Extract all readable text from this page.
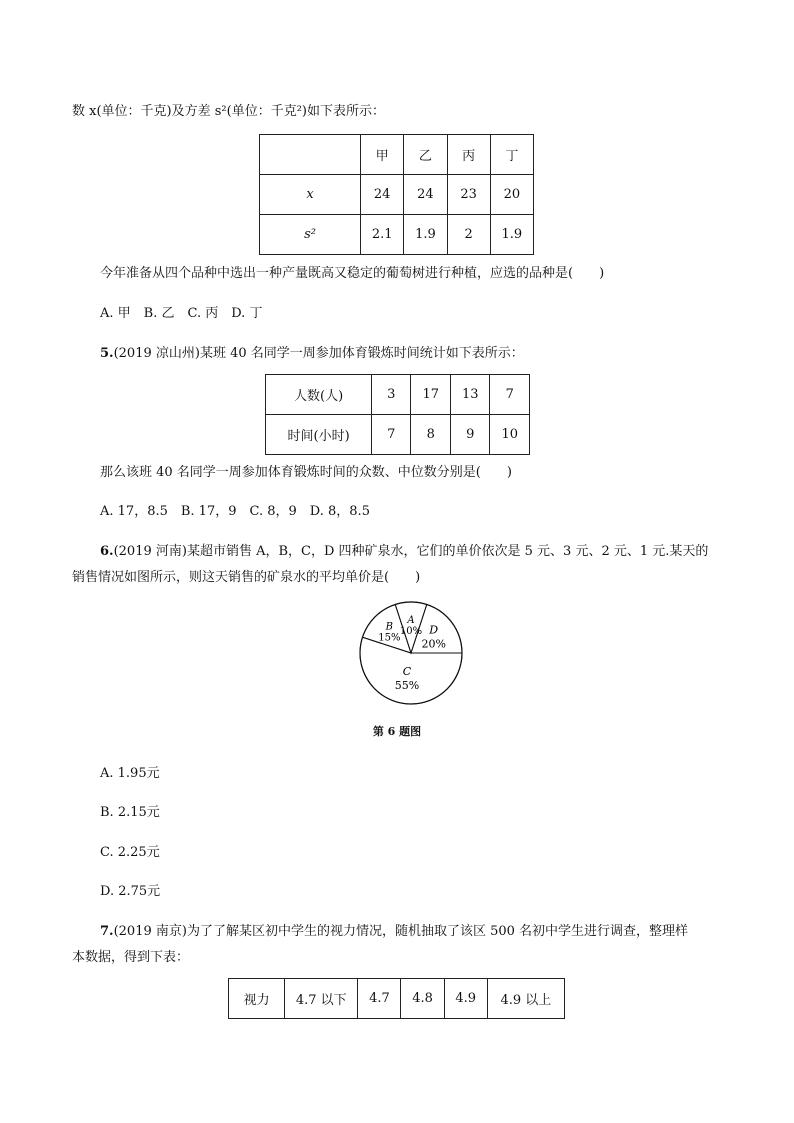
数 x(单位：千克)及方差 s²(单位：千克²)如下表所示：
	甲	乙	丙	丁
x	24	24	23	20
s²	2.1	1.9	2	1.9
今年准备从四个品种中选出一种产量既高又稳定的葡萄树进行种植，应选的品种是(　　)
A. 甲　B. 乙　C. 丙　D. 丁
5.(2019 凉山州)某班 40 名同学一周参加体育锻炼时间统计如下表所示：
人数(人)	3	17	13	7
时间(小时)	7	8	9	10
那么该班 40 名同学一周参加体育锻炼时间的众数、中位数分别是(　　)
A. 17，8.5　B. 17，9　C. 8，9　D. 8，8.5
6.(2019 河南)某超市销售 A，B，C，D 四种矿泉水，它们的单价依次是 5 元、3 元、2 元、1 元.某天的
销售情况如图所示，则这天销售的矿泉水的平均单价是(　　)
A
10% D
20%
C
55%
B
15%
第 6 题图
A. 1.95元
B. 2.15元
C. 2.25元
D. 2.75元
7.(2019 南京)为了了解某区初中学生的视力情况，随机抽取了该区 500 名初中学生进行调查，整理样
本数据，得到下表：
视力	4.7 以下	4.7	4.8	4.9	4.9 以上
